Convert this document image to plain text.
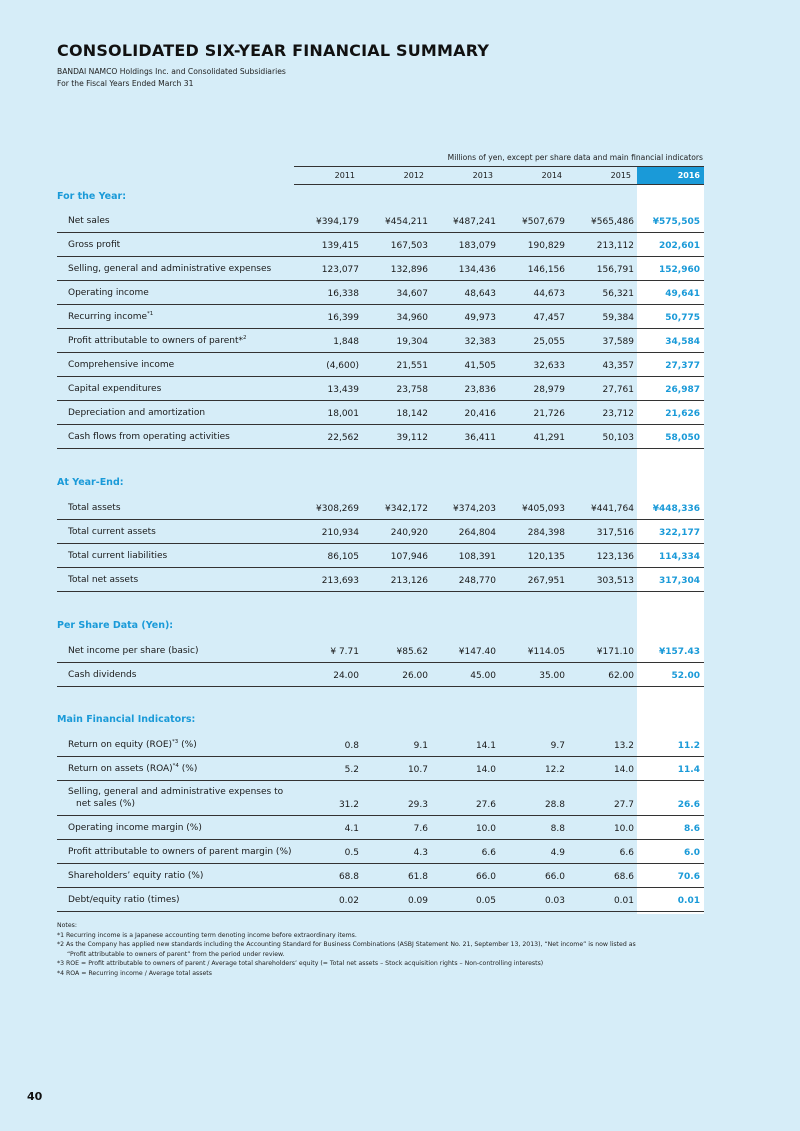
CONSOLIDATED SIX-YEAR FINANCIAL SUMMARY
BANDAI NAMCO Holdings Inc. and Consolidated Subsidiaries
For the Fiscal Years Ended March 31
Millions of yen, except per share data and main financial indicators
2011	2012	2013	2014	2015	2016
For the Year:
Net sales	¥394,179	¥454,211	¥487,241	¥507,679	¥565,486 ¥575,505
Gross profit	139,415	167,503	183,079	190,829	213,112	202,601
Selling, general and administrative expenses	123,077	132,896	134,436	146,156	156,791	152,960
Operating income	16,338	34,607	48,643	44,673	56,321	49,641
Recurring income$^{*1}$	16,399	34,960	49,973	47,457	59,384	50,775
Profit attributable to owners of parent*$^2$	1,848	19,304	32,383	25,055	37,589	34,584
Comprehensive income	(4,600)	21,551	41,505	32,633	43,357	27,377
Capital expenditures	13,439	23,758	23,836	28,979	27,761	26,987
Depreciation and amortization	18,001	18,142	20,416	21,726	23,712	21,626
Cash flows from operating activities	22,562	39,112	36,411	41,291	50,103	58,050
At Year-End:
Total assets	¥308,269	¥342,172	¥374,203	¥405,093	¥441,764 ¥448,336
Total current assets	210,934	240,920	264,804	284,398	317,516	322,177
Total current liabilities	86,105	107,946	108,391	120,135	123,136	114,334
Total net assets	213,693	213,126	248,770	267,951	303,513	317,304
Per Share Data (Yen):
Net income per share (basic)	¥ 7.71	¥85.62	¥147.40	¥114.05	¥171.10	¥157.43
Cash dividends	24.00	26.00	45.00	35.00	62.00	52.00
Main Financial Indicators:
Return on equity (ROE)$^{*3}$ (%)	0.8	9.1	14.1	9.7	13.2	11.2
Return on assets (ROA)$^{*4}$ (%)	5.2	10.7	14.0	12.2	14.0	11.4
Selling, general and administrative expenses to
net sales (%)	31.2	29.3	27.6	28.8	27.7	26.6
Operating income margin (%)	4.1	7.6	10.0	8.8	10.0	8.6
Profit attributable to owners of parent margin (%)	0.5	4.3	6.6	4.9	6.6	6.0
Shareholders’ equity ratio (%)	68.8	61.8	66.0	66.0	68.6	70.6
Debt/equity ratio (times)	0.02	0.09	0.05	0.03	0.01	0.01
Notes:
*1 Recurring income is a Japanese accounting term denoting income before extraordinary items.
*2 As the Company has applied new standards including the Accounting Standard for Business Combinations (ASBJ Statement No. 21, September 13, 2013), “Net income” is now listed as
“Profit attributable to owners of parent” from the period under review.
*3 ROE = Profit attributable to owners of parent / Average total shareholders’ equity (= Total net assets – Stock acquisition rights – Non-controlling interests)
*4 ROA = Recurring income / Average total assets
40
